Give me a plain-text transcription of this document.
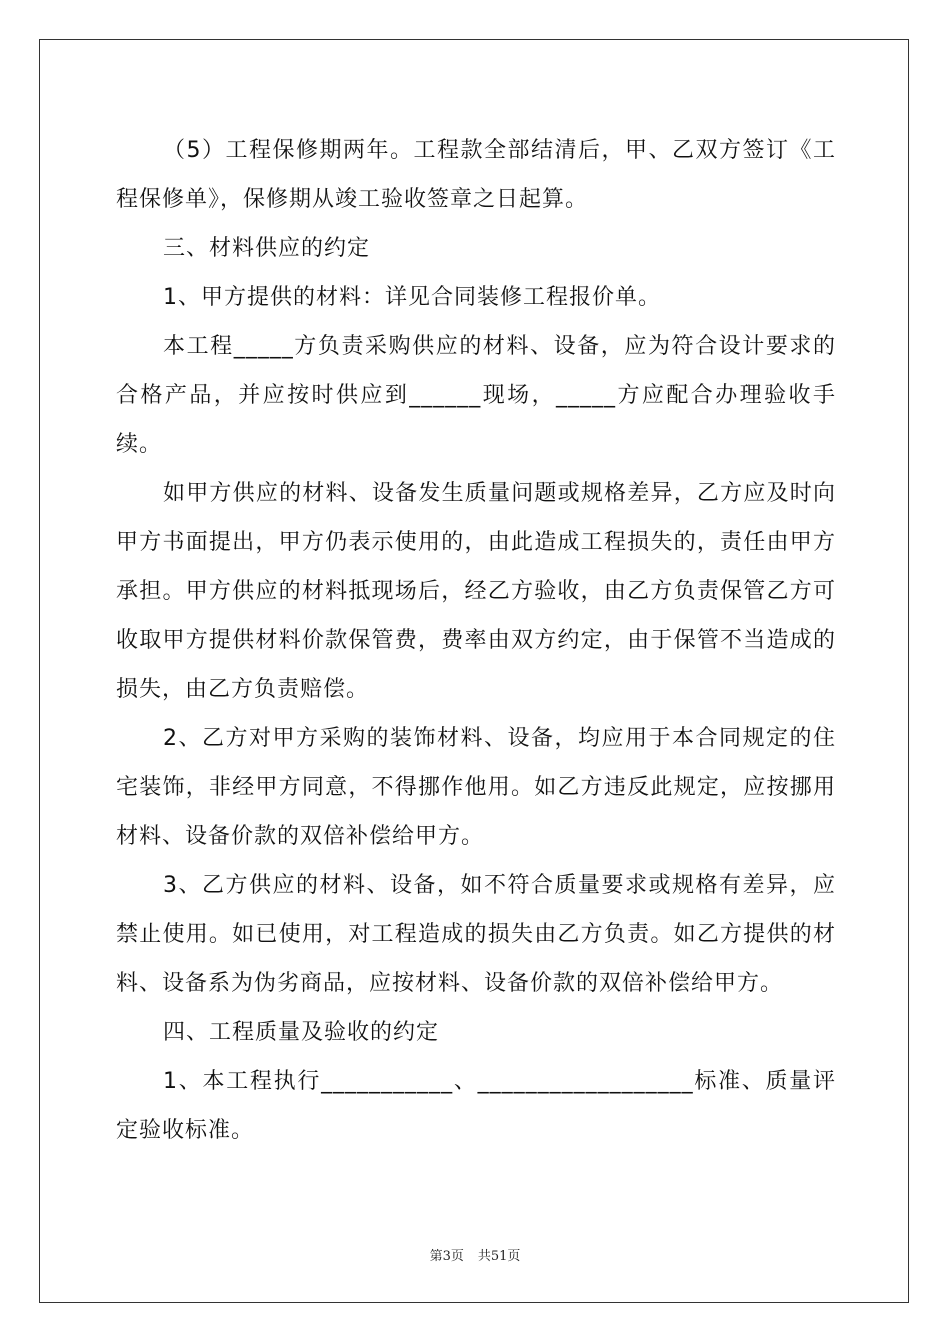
（5）工程保修期两年。工程款全部结清后，甲、乙双方签订《工程保修单》，保修期从竣工验收签章之日起算。

三、材料供应的约定

1、甲方提供的材料：详见合同装修工程报价单。

本工程_____方负责采购供应的材料、设备，应为符合设计要求的合格产品，并应按时供应到______现场，_____方应配合办理验收手续。

如甲方供应的材料、设备发生质量问题或规格差异，乙方应及时向甲方书面提出，甲方仍表示使用的，由此造成工程损失的，责任由甲方承担。甲方供应的材料抵现场后，经乙方验收，由乙方负责保管乙方可收取甲方提供材料价款保管费，费率由双方约定，由于保管不当造成的损失，由乙方负责赔偿。

2、乙方对甲方采购的装饰材料、设备，均应用于本合同规定的住宅装饰，非经甲方同意，不得挪作他用。如乙方违反此规定，应按挪用材料、设备价款的双倍补偿给甲方。

3、乙方供应的材料、设备，如不符合质量要求或规格有差异，应禁止使用。如已使用，对工程造成的损失由乙方负责。如乙方提供的材料、设备系为伪劣商品，应按材料、设备价款的双倍补偿给甲方。

四、工程质量及验收的约定

1、本工程执行___________、__________________标准、质量评定验收标准。

第3页 共51页
